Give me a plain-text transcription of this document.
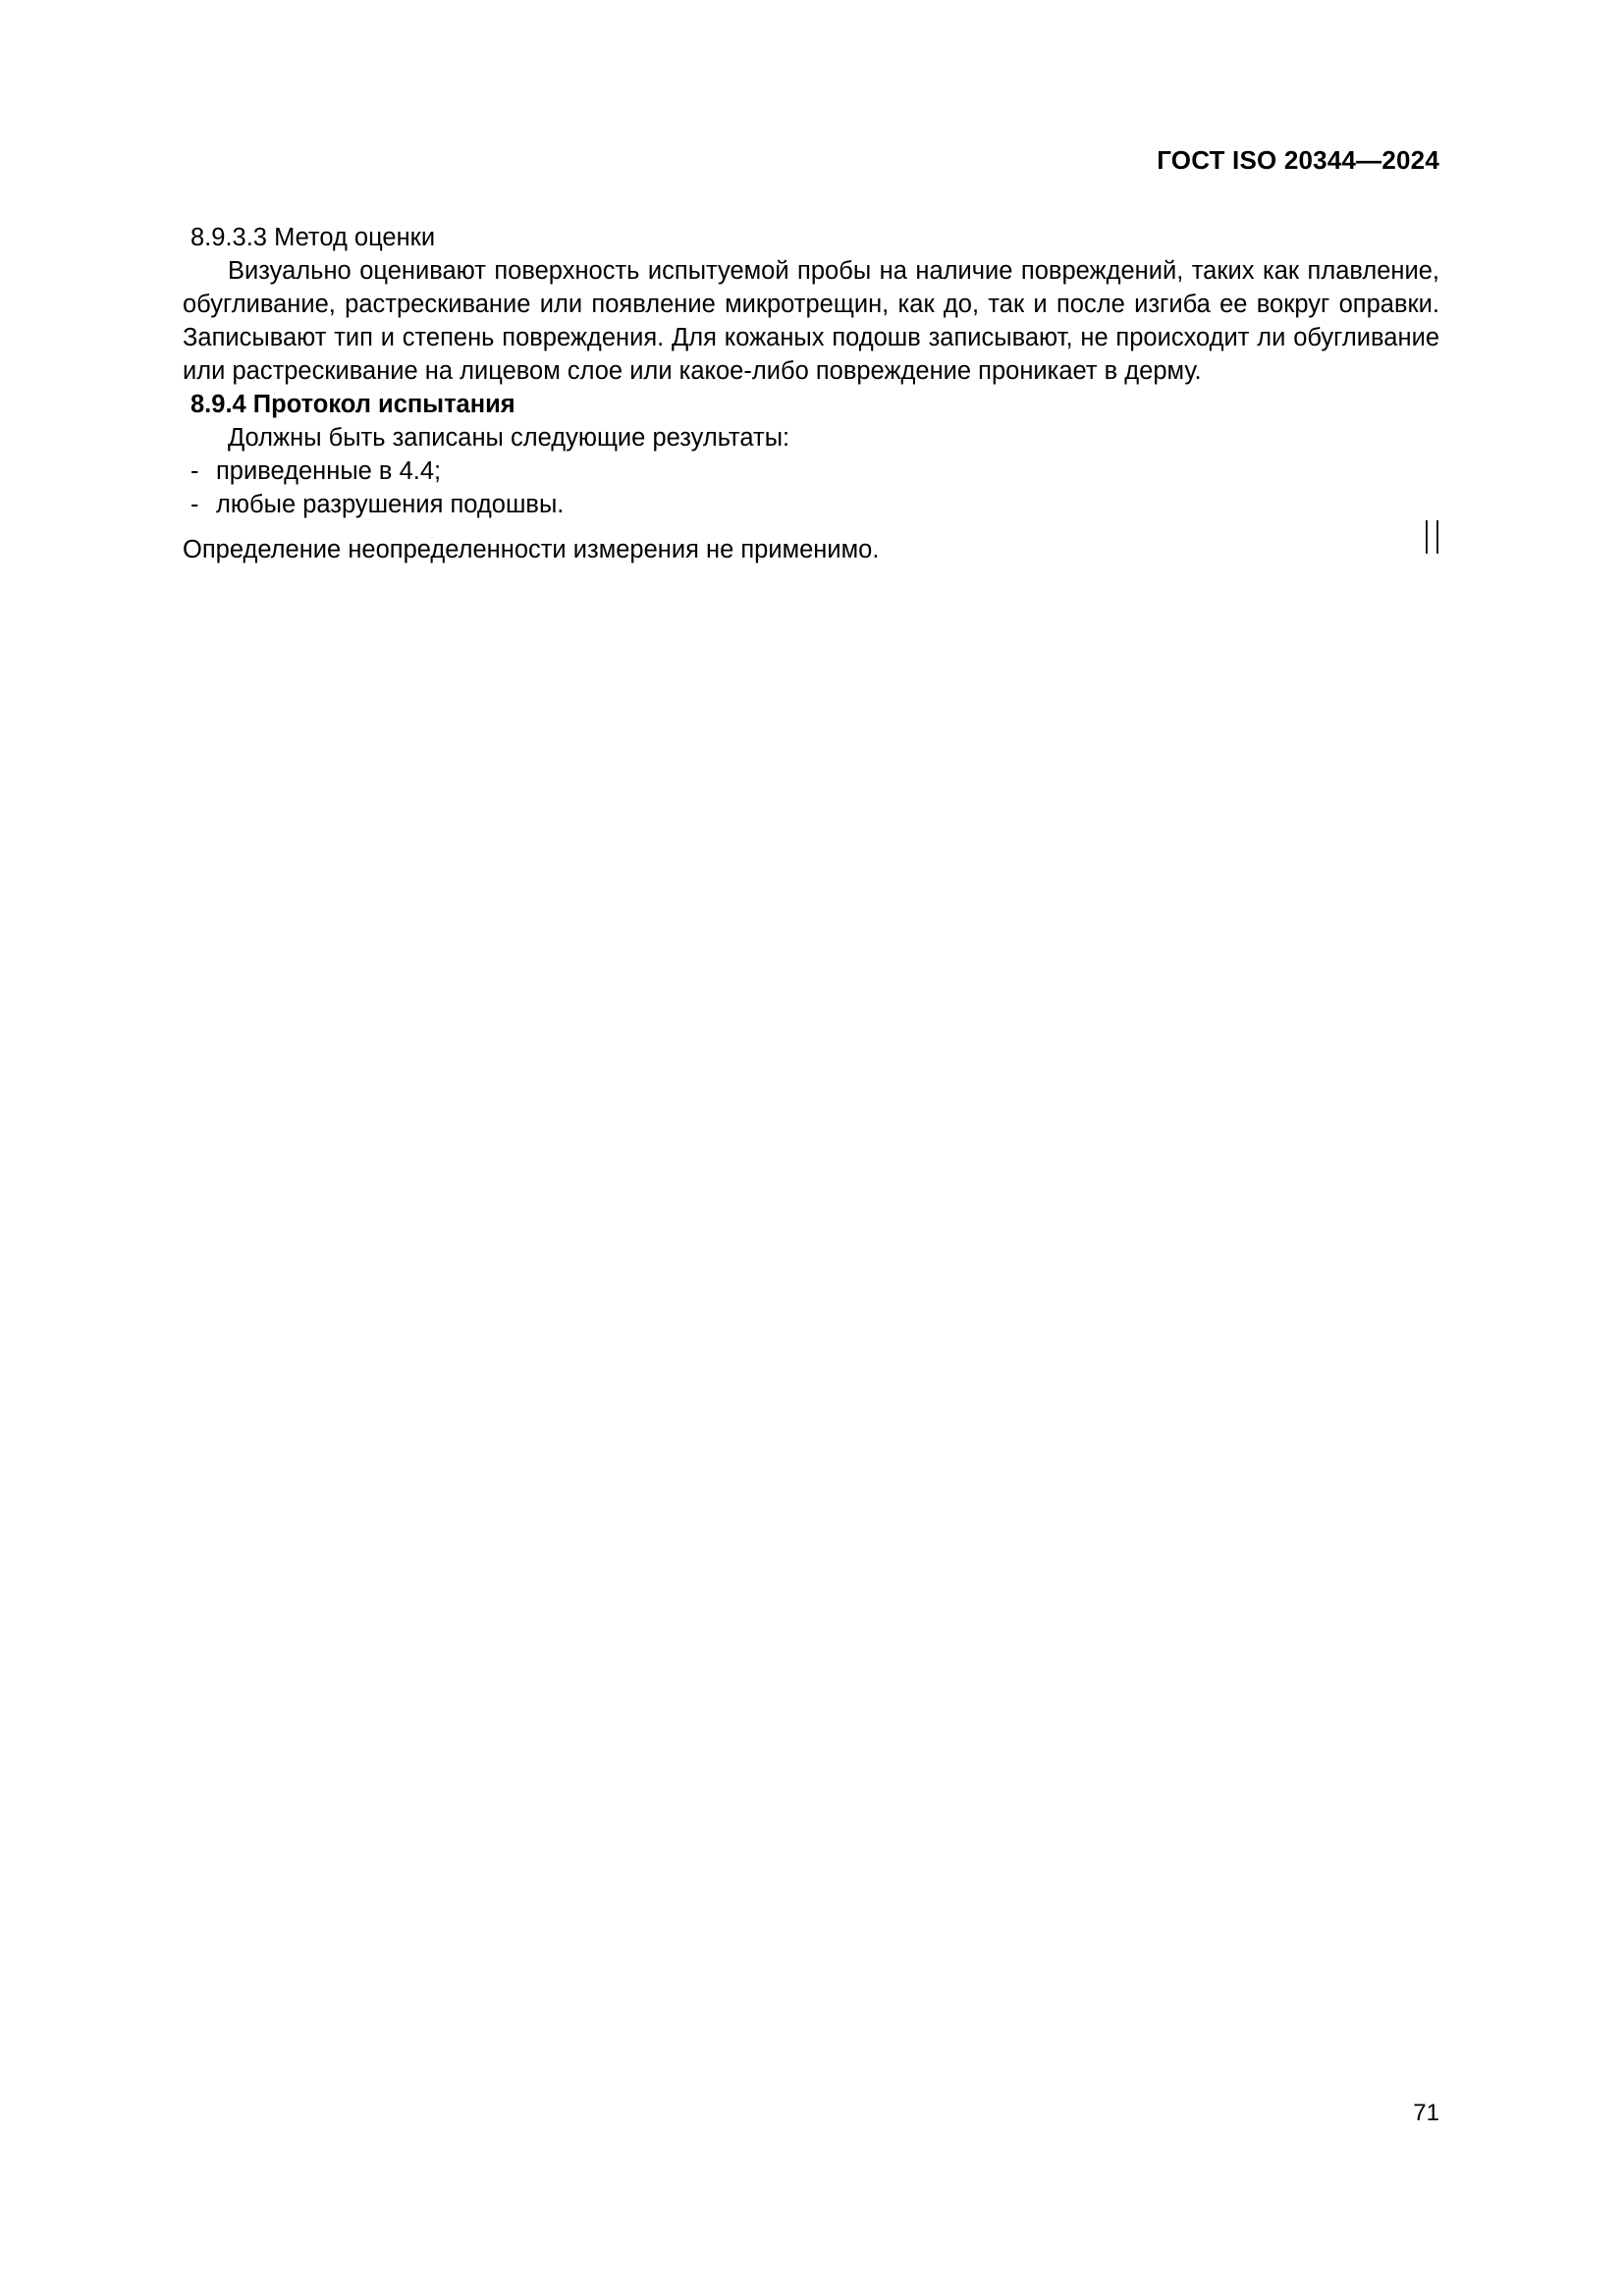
ГОСТ ISO 20344—2024

8.9.3.3 Метод оценки

Визуально оценивают поверхность испытуемой пробы на наличие повреждений, таких как плавление, обугливание, растрескивание или появление микротрещин, как до, так и после изгиба ее вокруг оправки. Записывают тип и степень повреждения. Для кожаных подошв записывают, не происходит ли обугливание или растрескивание на лицевом слое или какое-либо повреждение проникает в дерму.

8.9.4 Протокол испытания

Должны быть записаны следующие результаты:

- приведенные в 4.4;

- любые разрушения подошвы.

Определение неопределенности измерения не применимо.

71
